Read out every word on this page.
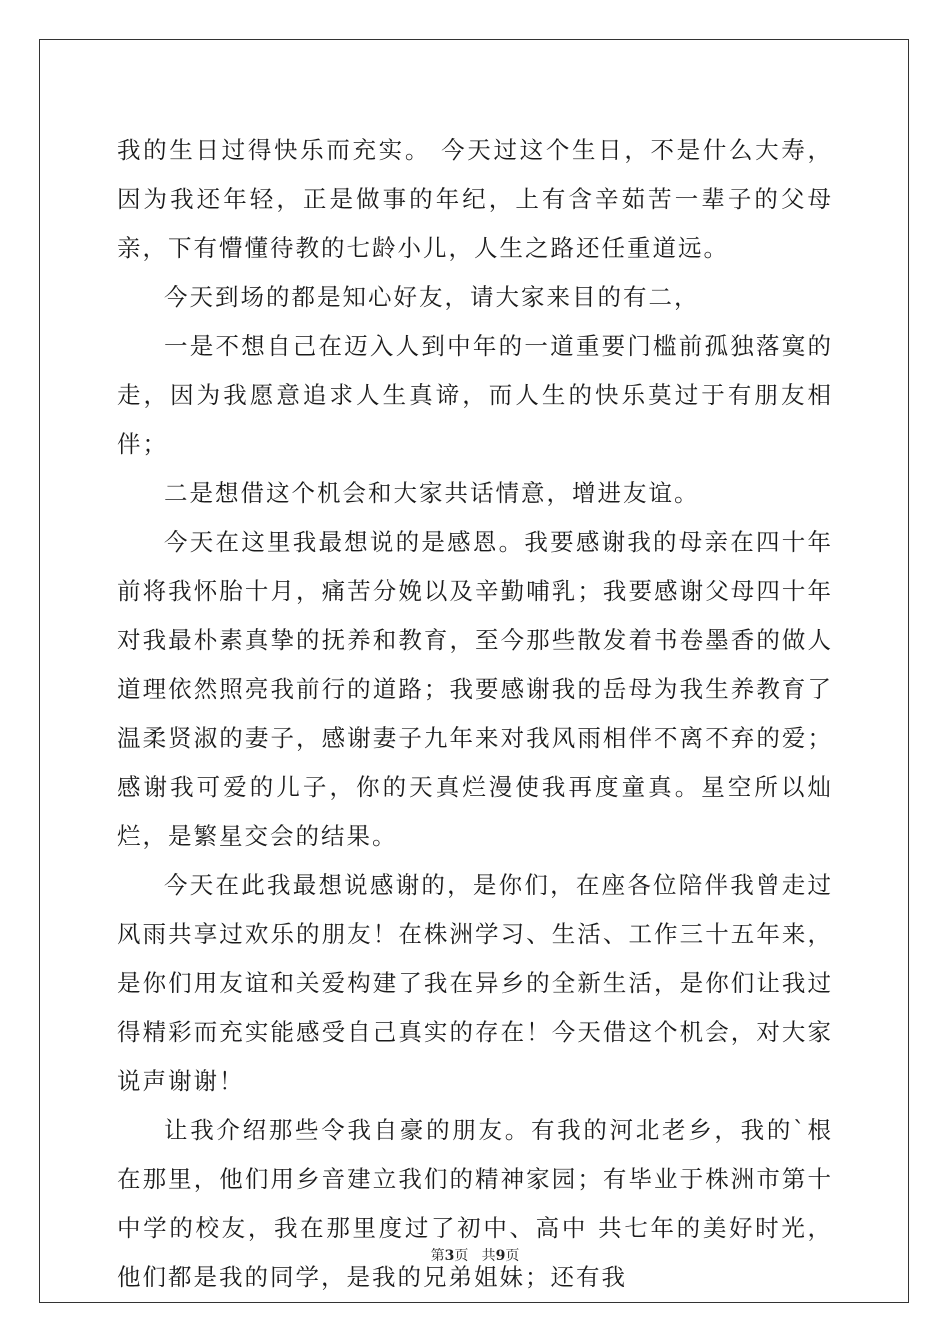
我的生日过得快乐而充实。 今天过这个生日，不是什么大寿，因为我还年轻，正是做事的年纪，上有含辛茹苦一辈子的父母亲，下有懵懂待教的七龄小儿，人生之路还任重道远。

今天到场的都是知心好友，请大家来目的有二，

一是不想自己在迈入人到中年的一道重要门槛前孤独落寞的走，因为我愿意追求人生真谛，而人生的快乐莫过于有朋友相伴；

二是想借这个机会和大家共话情意，增进友谊。

今天在这里我最想说的是感恩。我要感谢我的母亲在四十年前将我怀胎十月，痛苦分娩以及辛勤哺乳；我要感谢父母四十年对我最朴素真挚的抚养和教育，至今那些散发着书卷墨香的做人道理依然照亮我前行的道路；我要感谢我的岳母为我生养教育了温柔贤淑的妻子，感谢妻子九年来对我风雨相伴不离不弃的爱；感谢我可爱的儿子，你的天真烂漫使我再度童真。星空所以灿烂，是繁星交会的结果。

今天在此我最想说感谢的，是你们，在座各位陪伴我曾走过风雨共享过欢乐的朋友！在株洲学习、生活、工作三十五年来，是你们用友谊和关爱构建了我在异乡的全新生活，是你们让我过得精彩而充实能感受自己真实的存在！今天借这个机会，对大家说声谢谢！

让我介绍那些令我自豪的朋友。有我的河北老乡，我的`根在那里，他们用乡音建立我们的精神家园；有毕业于株洲市第十中学的校友，我在那里度过了初中、高中 共七年的美好时光，他们都是我的同学，是我的兄弟姐妹；还有我

第3页   共9页
